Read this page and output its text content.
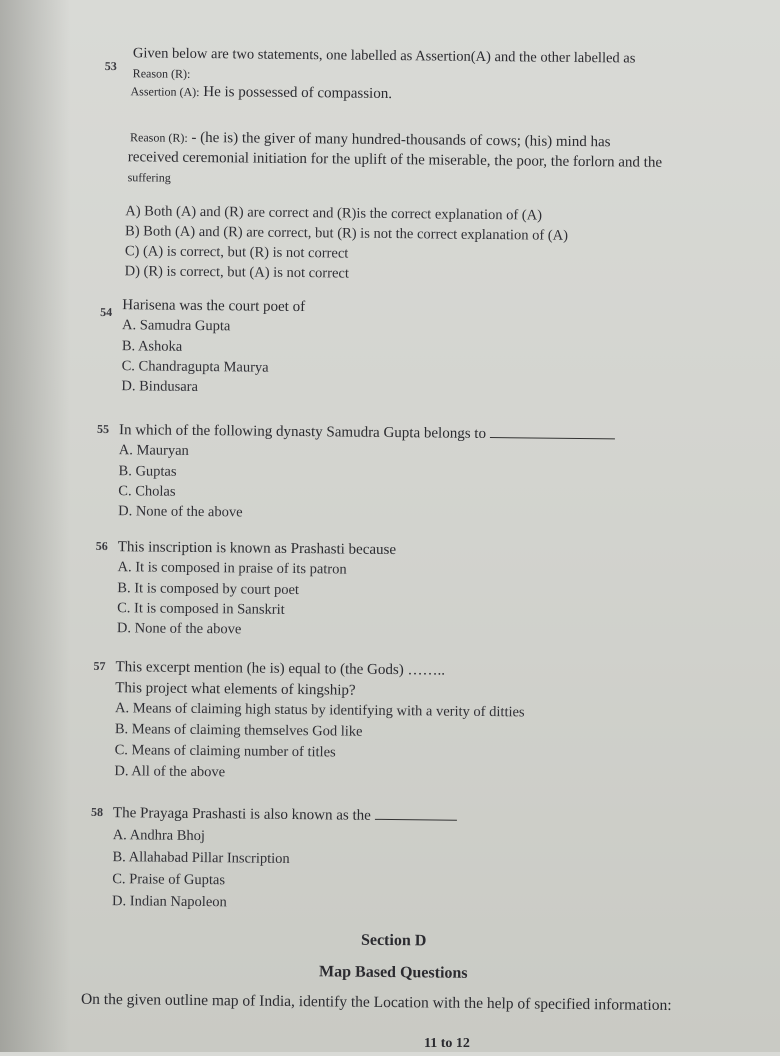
53	Given below are two statements, one labelled as Assertion(A) and the other labelled as
Reason (R):
Assertion (A): He is possessed of compassion.
Reason (R): - (he is) the giver of many hundred-thousands of cows; (his) mind has
received ceremonial initiation for the uplift of the miserable, the poor, the forlorn and the
suffering
A) Both (A) and (R) are correct and (R)is the correct explanation of (A)
B) Both (A) and (R) are correct, but (R) is not the correct explanation of (A)
C) (A) is correct, but (R) is not correct
D) (R) is correct, but (A) is not correct
54 Harisena was the court poet of
A. Samudra Gupta
B. Ashoka
C. Chandragupta Maurya
D. Bindusara
55 In which of the following dynasty Samudra Gupta belongs to
A. Mauryan
B. Guptas
C. Cholas
D. None of the above
56 This inscription is known as Prashasti because
A. It is composed in praise of its patron
B. It is composed by court poet
C. It is composed in Sanskrit
D. None of the above
57 This excerpt mention (he is) equal to (the Gods) ……..
This project what elements of kingship?
A. Means of claiming high status by identifying with a verity of ditties
B. Means of claiming themselves God like
C. Means of claiming number of titles
D. All of the above
58 The Prayaga Prashasti is also known as the
A. Andhra Bhoj
B. Allahabad Pillar Inscription
C. Praise of Guptas
D. Indian Napoleon
Section D
Map Based Questions
On the given outline map of India, identify the Location with the help of specified information:
11 to 12
